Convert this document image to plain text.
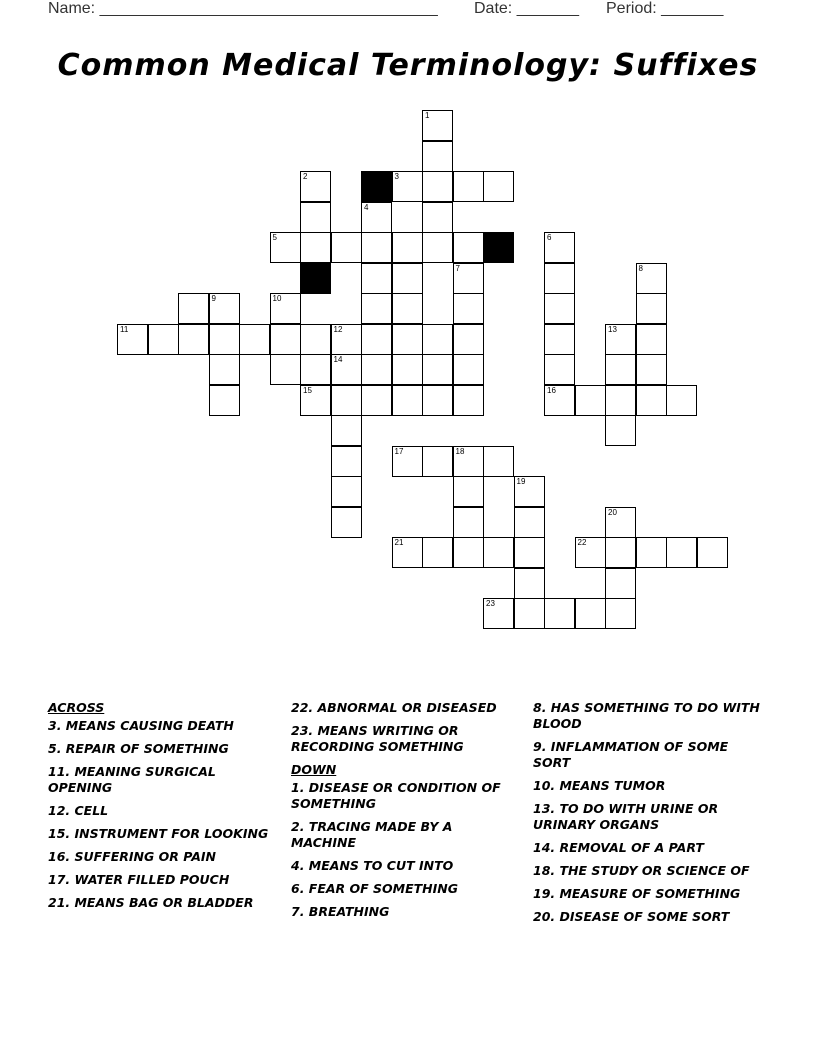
Name: ______________________________________ Date: _______ Period: _______
Common Medical Terminology: Suffixes
1
2	3
4
5	6
7	8
9	10
11	12	13
14
15	16
17	18
19
20
21	22
23
ACROSS
3. MEANS CAUSING DEATH
5. REPAIR OF SOMETHING
11. MEANING SURGICAL OPENING
12. CELL
15. INSTRUMENT FOR LOOKING
16. SUFFERING OR PAIN
17. WATER FILLED POUCH
21. MEANS BAG OR BLADDER
22. ABNORMAL OR DISEASED
23. MEANS WRITING OR RECORDING SOMETHING
DOWN
1. DISEASE OR CONDITION OF SOMETHING
2. TRACING MADE BY A MACHINE
4. MEANS TO CUT INTO
6. FEAR OF SOMETHING
7. BREATHING
8. HAS SOMETHING TO DO WITH BLOOD
9. INFLAMMATION OF SOME SORT
10. MEANS TUMOR
13. TO DO WITH URINE OR URINARY ORGANS
14. REMOVAL OF A PART
18. THE STUDY OR SCIENCE OF
19. MEASURE OF SOMETHING
20. DISEASE OF SOME SORT
